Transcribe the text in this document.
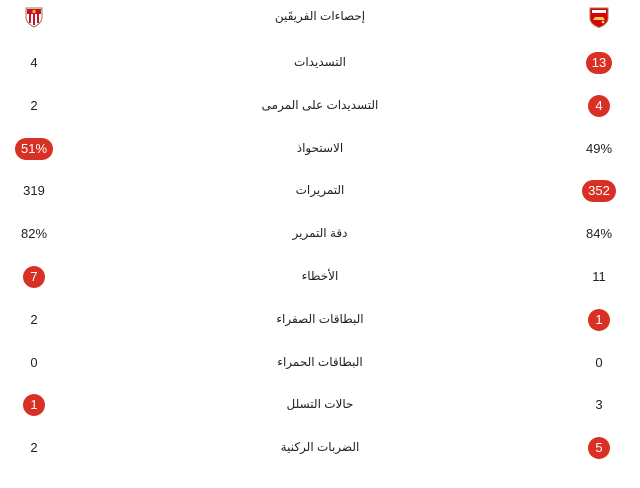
إحصاءات الفريقَين
4	التسديدات	13
2	التسديدات على المرمى	4
51%	الاستحواذ	49%
319	التمريرات	352
82%	دقة التمرير	84%
7	الأخطاء	11
2	البطاقات الصفراء	1
0	البطاقات الحمراء	0
1	حالات التسلل	3
2	الضربات الركنية	5
